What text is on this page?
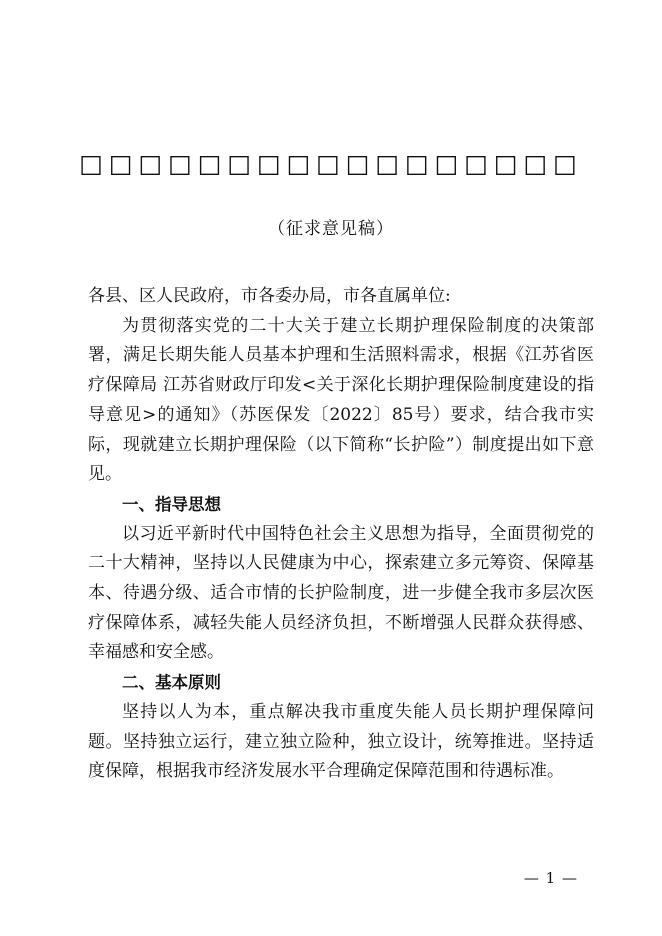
□□□□□□□□□□□□□□□□□
（征求意见稿）

各县、区人民政府，市各委办局，市各直属单位:

为贯彻落实党的二十大关于建立长期护理保险制度的决策部署，满足长期失能人员基本护理和生活照料需求，根据《江苏省医疗保障局 江苏省财政厅印发<关于深化长期护理保险制度建设的指导意见>的通知》（苏医保发〔2022〕85号）要求，结合我市实际，现就建立长期护理保险（以下简称“长护险”）制度提出如下意见。

一、指导思想

以习近平新时代中国特色社会主义思想为指导，全面贯彻党的二十大精神，坚持以人民健康为中心，探索建立多元筹资、保障基本、待遇分级、适合市情的长护险制度，进一步健全我市多层次医疗保障体系，减轻失能人员经济负担，不断增强人民群众获得感、幸福感和安全感。

二、基本原则

坚持以人为本，重点解决我市重度失能人员长期护理保障问题。坚持独立运行，建立独立险种，独立设计，统筹推进。坚持适度保障，根据我市经济发展水平合理确定保障范围和待遇标准。

— 1 —
